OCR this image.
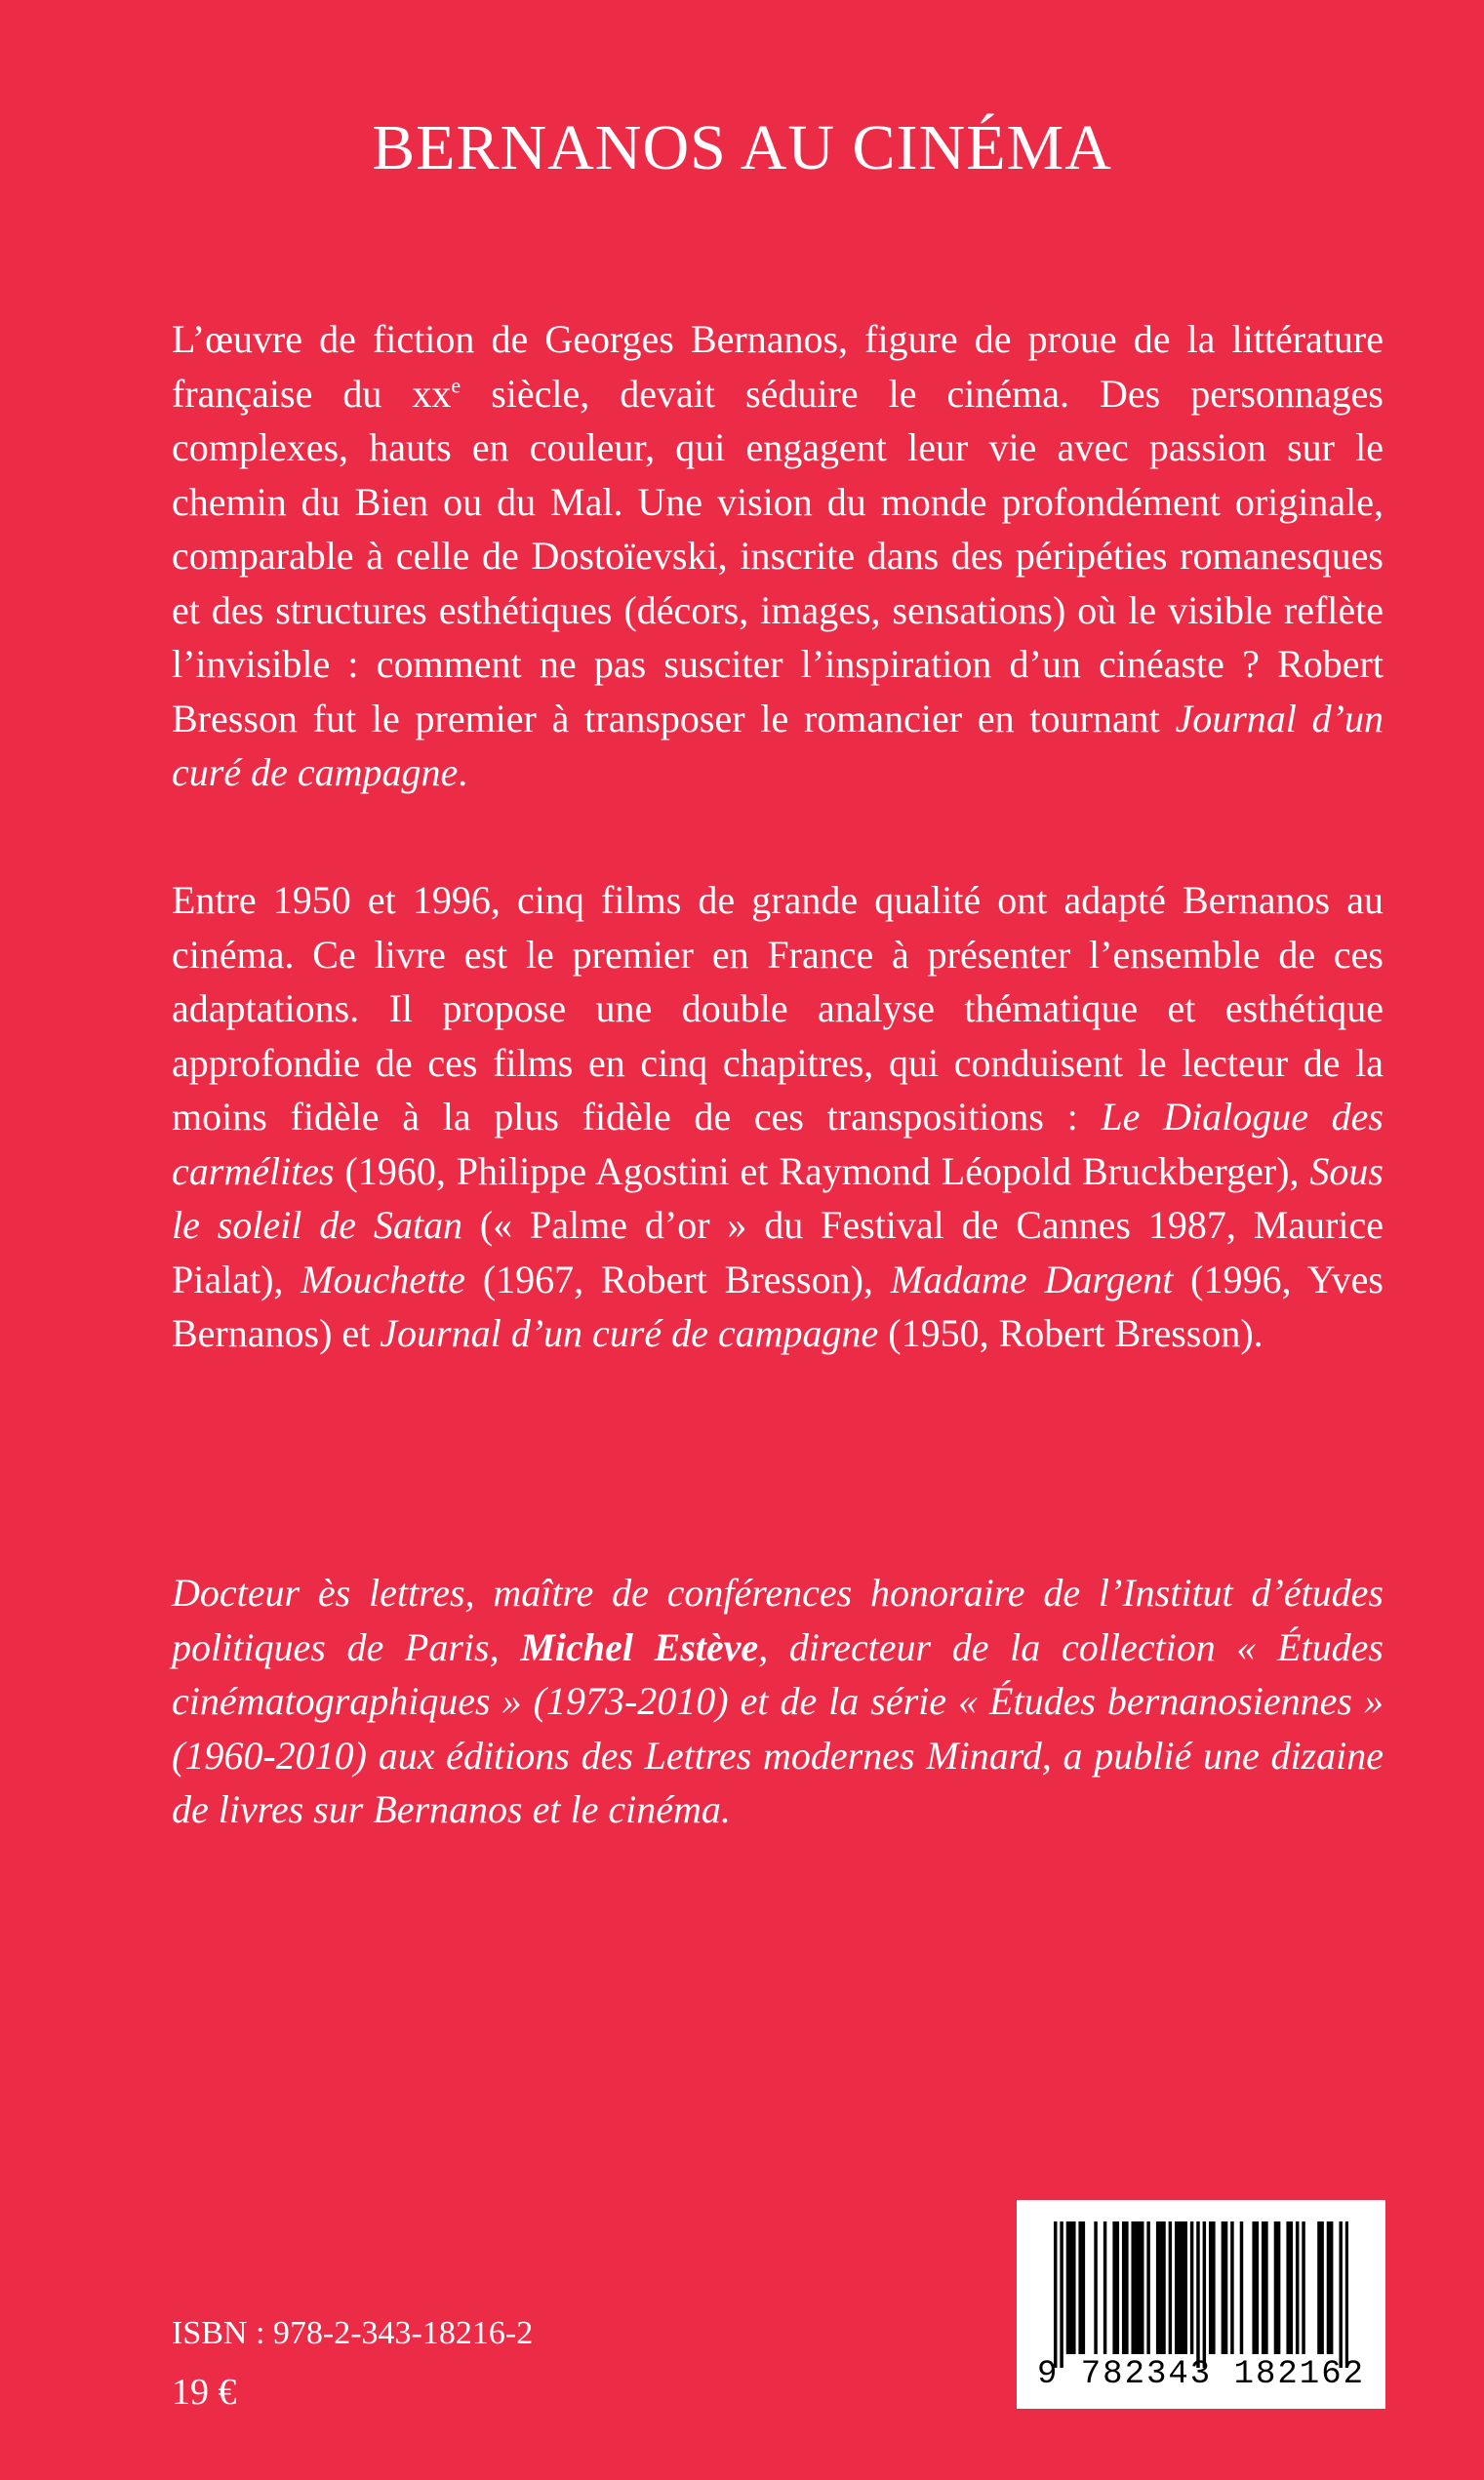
BERNANOS AU CINÉMA

L’œuvre de fiction de Georges Bernanos, figure de proue de la littérature française du $xx^e$ siècle, devait séduire le cinéma. Des personnages complexes, hauts en couleur, qui engagent leur vie avec passion sur le chemin du Bien ou du Mal. Une vision du monde profondément originale, comparable à celle de Dostoïevski, inscrite dans des péripéties romanesques et des structures esthétiques (décors, images, sensations) où le visible reflète l’invisible : comment ne pas susciter l’inspiration d’un cinéaste ? Robert Bresson fut le premier à transposer le romancier en tournant Journal d’un curé de campagne.

Entre 1950 et 1996, cinq films de grande qualité ont adapté Bernanos au cinéma. Ce livre est le premier en France à présenter l’ensemble de ces adaptations. Il propose une double analyse thématique et esthétique approfondie de ces films en cinq chapitres, qui conduisent le lecteur de la moins fidèle à la plus fidèle de ces transpositions : Le Dialogue des carmélites (1960, Philippe Agostini et Raymond Léopold Bruckberger), Sous le soleil de Satan (« Palme d’or » du Festival de Cannes 1987, Maurice Pialat), Mouchette (1967, Robert Bresson), Madame Dargent (1996, Yves Bernanos) et Journal d’un curé de campagne (1950, Robert Bresson).

Docteur ès lettres, maître de conférences honoraire de l’Institut d’études politiques de Paris, Michel Estève, directeur de la collection « Études cinématographiques » (1973-2010) et de la série « Études bernanosiennes » (1960-2010) aux éditions des Lettres modernes Minard, a publié une dizaine de livres sur Bernanos et le cinéma.

ISBN : 978-2-343-18216-2
19 €	9 782343 182162
